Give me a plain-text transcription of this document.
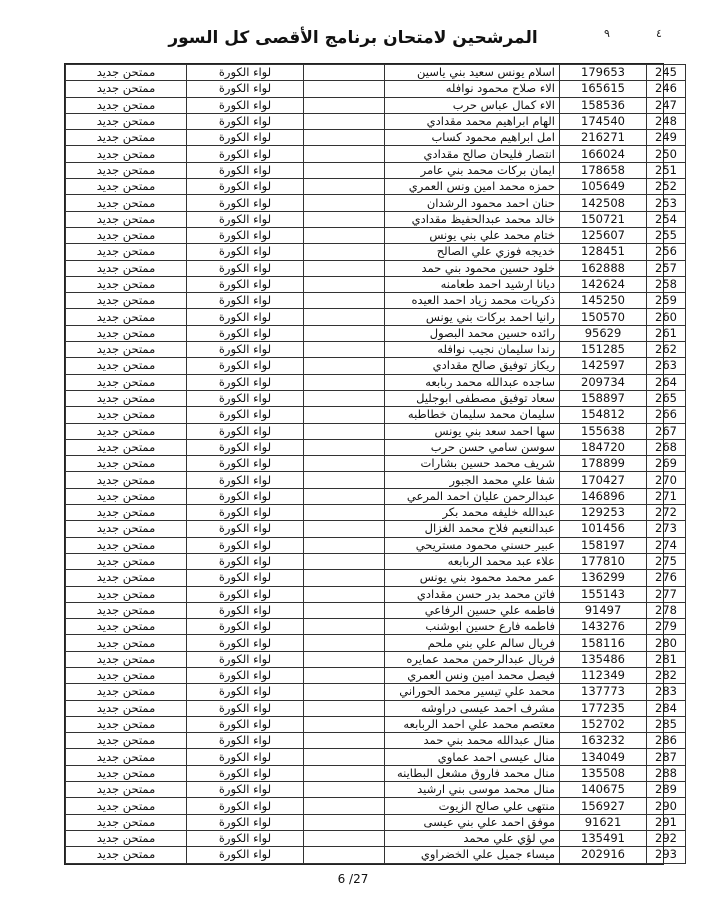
٩	٤
المرشحين لامتحان برنامج الأقصى كل السور
245	179653	اسلام يونس سعيد بني ياسين		لواء الكورة	ممتحن جديد
246	165615	الاء صلاح محمود نوافله		لواء الكورة	ممتحن جديد
247	158536	الاء كمال عباس حرب		لواء الكورة	ممتحن جديد
248	174540	الهام ابراهيم محمد مقدادي		لواء الكورة	ممتحن جديد
249	216271	امل ابراهيم محمود كساب		لواء الكورة	ممتحن جديد
250	166024	انتصار فليحان صالح مقدادي		لواء الكورة	ممتحن جديد
251	178658	ايمان بركات محمد بني عامر		لواء الكورة	ممتحن جديد
252	105649	حمزه محمد امين ونس العمري		لواء الكورة	ممتحن جديد
253	142508	حنان احمد محمود الرشدان		لواء الكورة	ممتحن جديد
254	150721	خالد محمد عبدالحفيظ مقدادي		لواء الكورة	ممتحن جديد
255	125607	ختام محمد علي بني يونس		لواء الكورة	ممتحن جديد
256	128451	خديجه فوزي علي الصالح		لواء الكورة	ممتحن جديد
257	162888	خلود حسين محمود بني حمد		لواء الكورة	ممتحن جديد
258	142624	ديانا ارشيد احمد طعامنه		لواء الكورة	ممتحن جديد
259	145250	ذكريات محمد زياد احمد العيده		لواء الكورة	ممتحن جديد
260	150570	رانيا احمد بركات بني يونس		لواء الكورة	ممتحن جديد
261	95629	رائده حسين محمد البصول		لواء الكورة	ممتحن جديد
262	151285	رندا سليمان نجيب نوافله		لواء الكورة	ممتحن جديد
263	142597	ريكاز توفيق صالح مقدادي		لواء الكورة	ممتحن جديد
264	209734	ساجده عبدالله محمد ربابعه		لواء الكورة	ممتحن جديد
265	158897	سعاد توفيق مصطفى ابوجليل		لواء الكورة	ممتحن جديد
266	154812	سليمان محمد سليمان خطاطبه		لواء الكورة	ممتحن جديد
267	155638	سها احمد سعد بني يونس		لواء الكورة	ممتحن جديد
268	184720	سوسن سامي حسن حرب		لواء الكورة	ممتحن جديد
269	178899	شريف محمد حسين بشارات		لواء الكورة	ممتحن جديد
270	170427	شفا علي محمد الجبور		لواء الكورة	ممتحن جديد
271	146896	عبدالرحمن عليان احمد المرعي		لواء الكورة	ممتحن جديد
272	129253	عبدالله خليفه محمد بكر		لواء الكورة	ممتحن جديد
273	101456	عبدالنعيم فلاح محمد الغزال		لواء الكورة	ممتحن جديد
274	158197	عبير حسني محمود مستريحي		لواء الكورة	ممتحن جديد
275	177810	علاء عبد محمد الربابعه		لواء الكورة	ممتحن جديد
276	136299	عمر محمد محمود بني يونس		لواء الكورة	ممتحن جديد
277	155143	فاتن محمد بدر حسن مقدادي		لواء الكورة	ممتحن جديد
278	91497	فاطمه علي حسين الرفاعي		لواء الكورة	ممتحن جديد
279	143276	فاطمه فارع حسين ابوشنب		لواء الكورة	ممتحن جديد
280	158116	فريال سالم علي بني ملحم		لواء الكورة	ممتحن جديد
281	135486	فريال عبدالرحمن محمد عمايره		لواء الكورة	ممتحن جديد
282	112349	فيصل محمد امين ونس العمري		لواء الكورة	ممتحن جديد
283	137773	محمد علي تيسير محمد الحوراني		لواء الكورة	ممتحن جديد
284	177235	مشرف احمد عيسى دراوشه		لواء الكورة	ممتحن جديد
285	152702	معتصم محمد علي احمد الربابعه		لواء الكورة	ممتحن جديد
286	163232	منال عبدالله محمد بني حمد		لواء الكورة	ممتحن جديد
287	134049	منال عيسى احمد عماوي		لواء الكورة	ممتحن جديد
288	135508	منال محمد فاروق مشعل البطاينه		لواء الكورة	ممتحن جديد
289	140675	منال محمد موسى بني ارشيد		لواء الكورة	ممتحن جديد
290	156927	منتهى علي صالح الزيوت		لواء الكورة	ممتحن جديد
291	91621	موفق احمد علي بني عيسى		لواء الكورة	ممتحن جديد
292	135491	مي لؤي علي محمد		لواء الكورة	ممتحن جديد
293	202916	ميساء جميل علي الخضراوي		لواء الكورة	ممتحن جديد
6 /27
